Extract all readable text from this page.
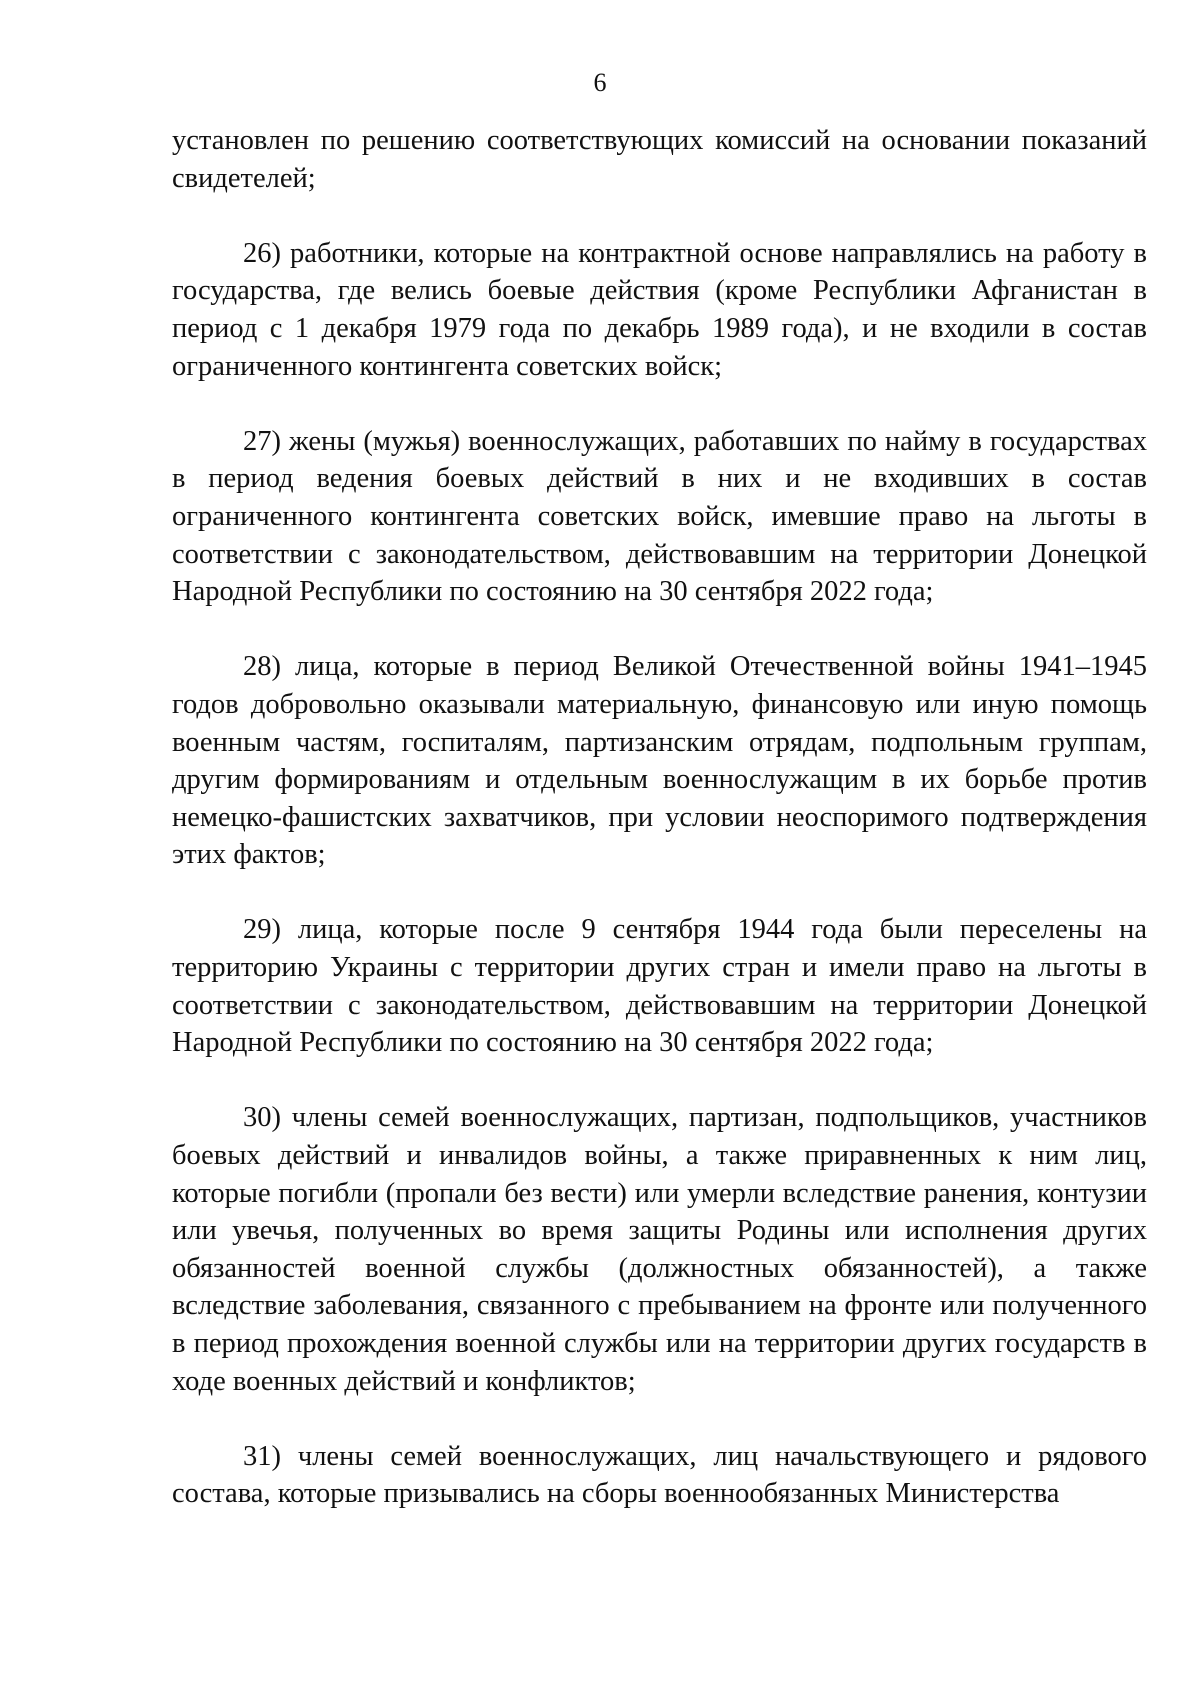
6

установлен по решению соответствующих комиссий на основании показаний свидетелей;

26) работники, которые на контрактной основе направлялись на работу в государства, где велись боевые действия (кроме Республики Афганистан в период с 1 декабря 1979 года по декабрь 1989 года), и не входили в состав ограниченного контингента советских войск;

27) жены (мужья) военнослужащих, работавших по найму в государствах в период ведения боевых действий в них и не входивших в состав ограниченного контингента советских войск, имевшие право на льготы в соответствии с законодательством, действовавшим на территории Донецкой Народной Республики по состоянию на 30 сентября 2022 года;

28) лица, которые в период Великой Отечественной войны 1941–1945 годов добровольно оказывали материальную, финансовую или иную помощь военным частям, госпиталям, партизанским отрядам, подпольным группам, другим формированиям и отдельным военнослужащим в их борьбе против немецко-фашистских захватчиков, при условии неоспоримого подтверждения этих фактов;

29) лица, которые после 9 сентября 1944 года были переселены на территорию Украины с территории других стран и имели право на льготы в соответствии с законодательством, действовавшим на территории Донецкой Народной Республики по состоянию на 30 сентября 2022 года;

30) члены семей военнослужащих, партизан, подпольщиков, участников боевых действий и инвалидов войны, а также приравненных к ним лиц, которые погибли (пропали без вести) или умерли вследствие ранения, контузии или увечья, полученных во время защиты Родины или исполнения других обязанностей военной службы (должностных обязанностей), а также вследствие заболевания, связанного с пребыванием на фронте или полученного в период прохождения военной службы или на территории других государств в ходе военных действий и конфликтов;

31) члены семей военнослужащих, лиц начальствующего и рядового состава, которые призывались на сборы военнообязанных Министерства
